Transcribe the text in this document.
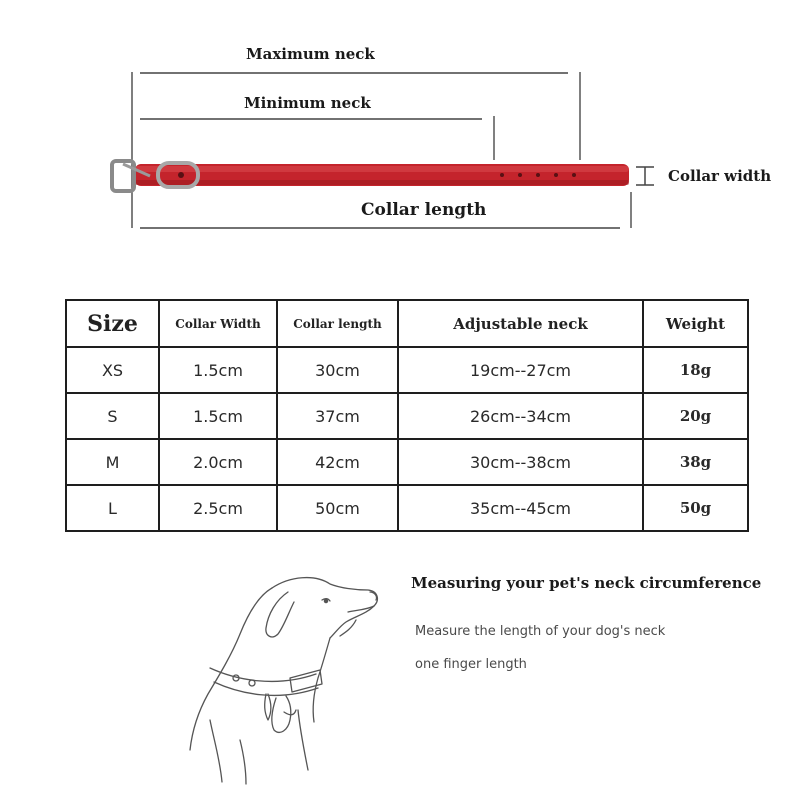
Maximum neck
Minimum neck
Collar length
Collar width
Size	Collar Width	Collar length	Adjustable neck	Weight
XS	1.5cm	30cm	19cm--27cm	18g
S	1.5cm	37cm	26cm--34cm	20g
M	2.0cm	42cm	30cm--38cm	38g
L	2.5cm	50cm	35cm--45cm	50g
Measuring your pet's neck circumference
Measure the length of your dog's neck
one finger length
